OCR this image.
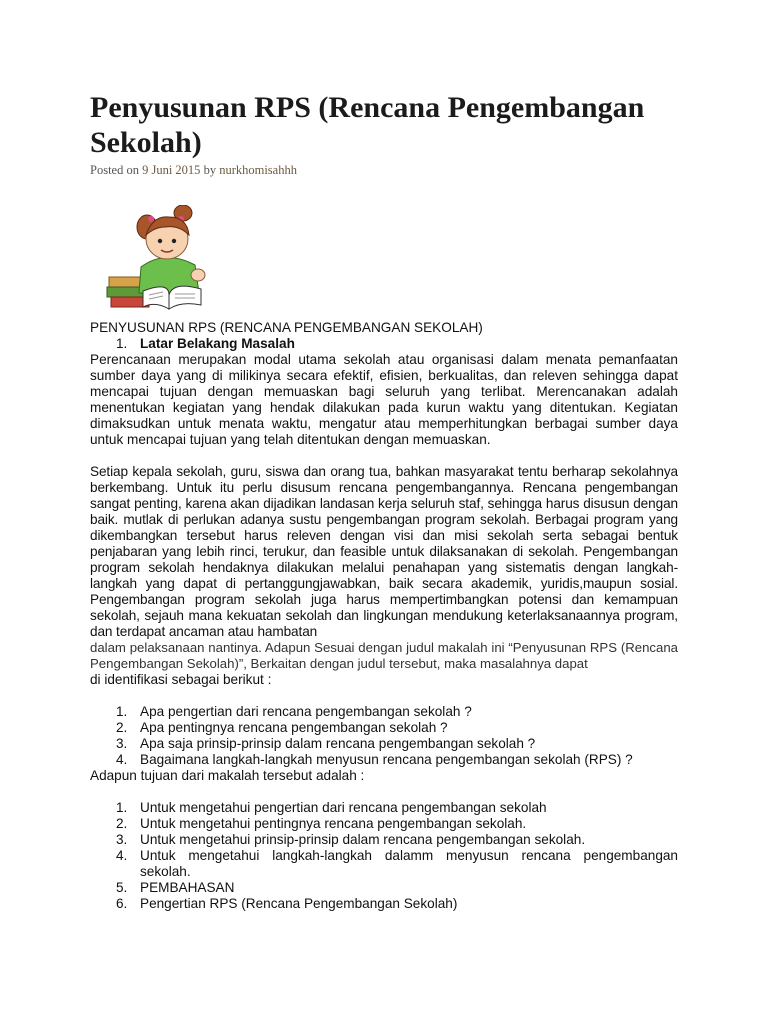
Penyusunan RPS (Rencana Pengembangan Sekolah)
Posted on 9 Juni 2015 by nurkhomisahhh

PENYUSUNAN RPS (RENCANA PENGEMBANGAN SEKOLAH)

1. Latar Belakang Masalah

Perencanaan merupakan modal utama sekolah atau organisasi dalam menata pemanfaatan sumber daya yang di milikinya secara efektif, efisien, berkualitas, dan releven sehingga dapat mencapai tujuan dengan memuaskan bagi seluruh yang terlibat. Merencanakan adalah menentukan kegiatan yang hendak dilakukan pada kurun waktu yang ditentukan. Kegiatan dimaksudkan untuk menata waktu, mengatur atau memperhitungkan berbagai sumber daya untuk mencapai tujuan yang telah ditentukan dengan memuaskan.

Setiap kepala sekolah, guru, siswa dan orang tua, bahkan masyarakat tentu berharap sekolahnya berkembang. Untuk itu perlu disusum rencana pengembangannya. Rencana pengembangan sangat penting, karena akan dijadikan landasan kerja seluruh staf, sehingga harus disusun dengan baik. mutlak di perlukan adanya sustu pengembangan program sekolah. Berbagai program yang dikembangkan tersebut harus releven dengan visi dan misi sekolah serta sebagai bentuk penjabaran yang lebih rinci, terukur, dan feasible untuk dilaksanakan di sekolah. Pengembangan program sekolah hendaknya dilakukan melalui penahapan yang sistematis dengan langkah-langkah yang dapat di pertanggungjawabkan, baik secara akademik, yuridis,maupun sosial. Pengembangan program sekolah juga harus mempertimbangkan potensi dan kemampuan sekolah, sejauh mana kekuatan sekolah dan lingkungan mendukung keterlaksanaannya program, dan terdapat ancaman atau hambatan

dalam pelaksanaan nantinya. Adapun Sesuai dengan judul makalah ini “Penyusunan RPS (Rencana Pengembangan Sekolah)”, Berkaitan dengan judul tersebut, maka masalahnya dapat

di identifikasi sebagai berikut :

1. Apa pengertian dari rencana pengembangan sekolah ?
2. Apa pentingnya rencana pengembangan sekolah ?
3. Apa saja prinsip-prinsip dalam rencana pengembangan sekolah ?
4. Bagaimana langkah-langkah menyusun rencana pengembangan sekolah (RPS) ?

Adapun tujuan dari makalah tersebut adalah :

1. Untuk mengetahui pengertian dari rencana pengembangan sekolah
2. Untuk mengetahui pentingnya rencana pengembangan sekolah.
3. Untuk mengetahui prinsip-prinsip dalam rencana pengembangan sekolah.
4. Untuk mengetahui langkah-langkah dalamm menyusun rencana pengembangan sekolah.
5. PEMBAHASAN
6. Pengertian RPS (Rencana Pengembangan Sekolah)
